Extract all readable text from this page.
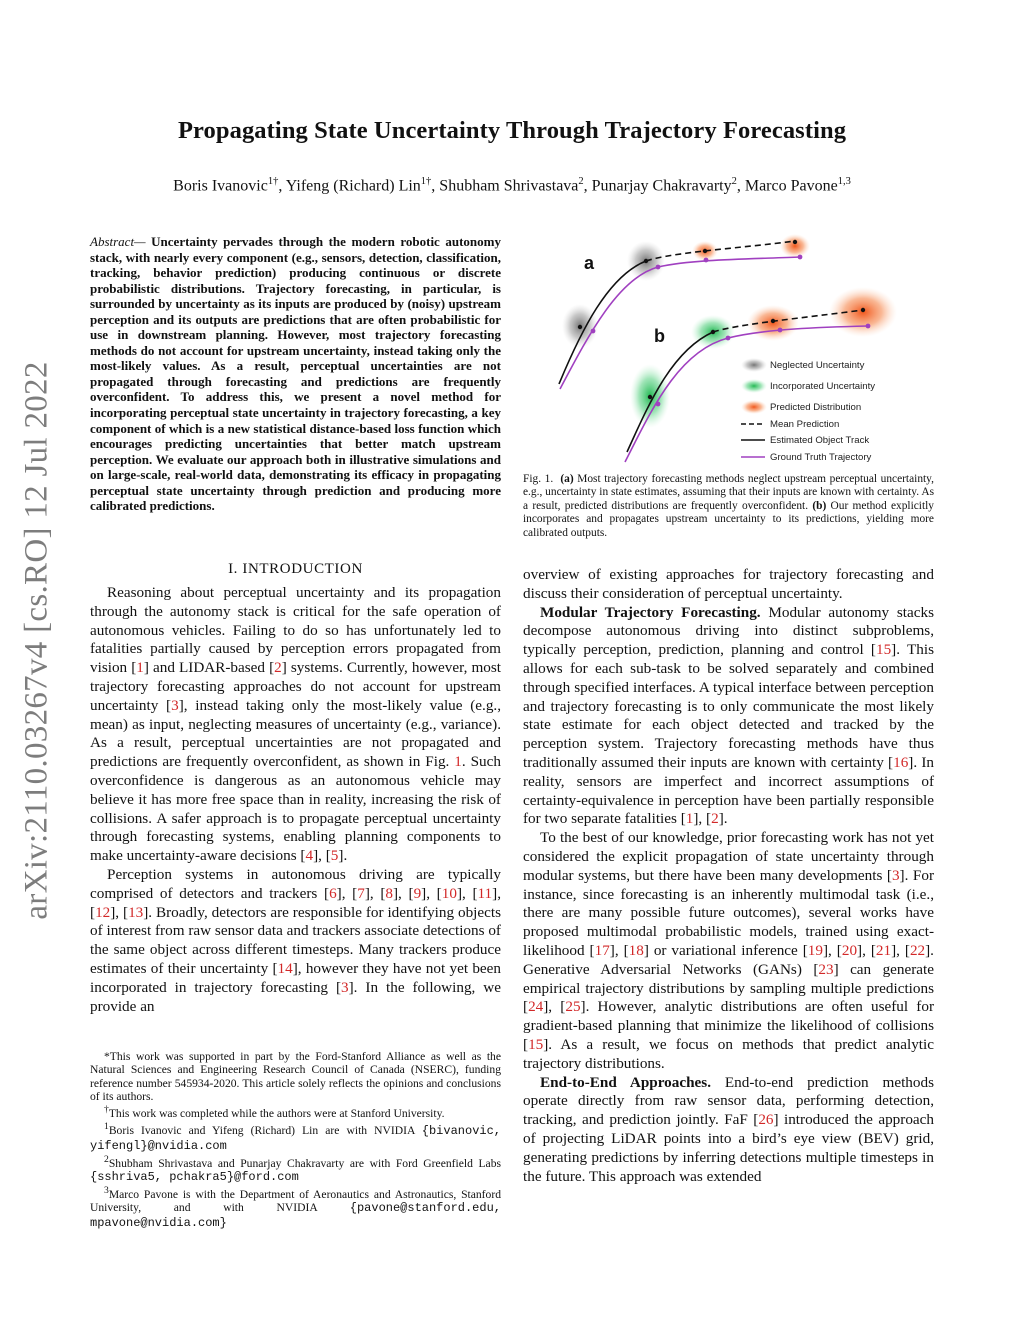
arXiv:2110.03267v4 [cs.RO] 12 Jul 2022
Propagating State Uncertainty Through Trajectory Forecasting
Boris Ivanovic$^{1\dagger}$, Yifeng (Richard) Lin$^{1\dagger}$, Shubham Shrivastava$^2$, Punarjay Chakravarty$^2$, Marco Pavone$^{1,3}$
Abstract— Uncertainty pervades through the modern robotic autonomy stack, with nearly every component (e.g., sensors, detection, classification, tracking, behavior prediction) producing continuous or discrete probabilistic distributions. Trajectory forecasting, in particular, is surrounded by uncertainty as its inputs are produced by (noisy) upstream perception and its outputs are predictions that are often probabilistic for use in downstream planning. However, most trajectory forecasting methods do not account for upstream uncertainty, instead taking only the most-likely values. As a result, perceptual uncertainties are not propagated through forecasting and predictions are frequently overconfident. To address this, we present a novel method for incorporating perceptual state uncertainty in trajectory forecasting, a key component of which is a new statistical distance-based loss function which encourages predicting uncertainties that better match upstream perception. We evaluate our approach both in illustrative simulations and on large-scale, real-world data, demonstrating its efficacy in propagating perceptual state uncertainty through prediction and producing more calibrated predictions.
I. INTRODUCTION

Reasoning about perceptual uncertainty and its propagation through the autonomy stack is critical for the safe operation of autonomous vehicles. Failing to do so has unfortunately led to fatalities partially caused by perception errors propagated from vision [1] and LIDAR-based [2] systems. Currently, however, most trajectory forecasting approaches do not account for upstream uncertainty [3], instead taking only the most-likely value (e.g., mean) as input, neglecting measures of uncertainty (e.g., variance). As a result, perceptual uncertainties are not propagated and predictions are frequently overconfident, as shown in Fig. 1. Such overconfidence is dangerous as an autonomous vehicle may believe it has more free space than in reality, increasing the risk of collisions. A safer approach is to propagate perceptual uncertainty through forecasting systems, enabling planning components to make uncertainty-aware decisions [4], [5].

Perception systems in autonomous driving are typically comprised of detectors and trackers [6], [7], [8], [9], [10], [11], [12], [13]. Broadly, detectors are responsible for identifying objects of interest from raw sensor data and trackers associate detections of the same object across different timesteps. Many trackers produce estimates of their uncertainty [14], however they have not yet been incorporated in trajectory forecasting [3]. In the following, we provide an

*This work was supported in part by the Ford-Stanford Alliance as well as the Natural Sciences and Engineering Research Council of Canada (NSERC), funding reference number 545934-2020. This article solely reflects the opinions and conclusions of its authors.

†This work was completed while the authors were at Stanford University.

$^1$Boris Ivanovic and Yifeng (Richard) Lin are with NVIDIA {bivanovic, yifengl}@nvidia.com

$^2$Shubham Shrivastava and Punarjay Chakravarty are with Ford Greenfield Labs {sshriva5, pchakra5}@ford.com

$^3$Marco Pavone is with the Department of Aeronautics and Astronautics, Stanford University, and with NVIDIA {pavone@stanford.edu, mpavone@nvidia.com}

a
b
Neglected Uncertainty
Incorporated Uncertainty
Predicted Distribution
Mean Prediction
Estimated Object Track
Ground Truth Trajectory
Fig. 1. (a) Most trajectory forecasting methods neglect upstream perceptual uncertainty, e.g., uncertainty in state estimates, assuming that their inputs are known with certainty. As a result, predicted distributions are frequently overconfident. (b) Our method explicitly incorporates and propagates upstream uncertainty to its predictions, yielding more calibrated outputs.

overview of existing approaches for trajectory forecasting and discuss their consideration of perceptual uncertainty.

Modular Trajectory Forecasting. Modular autonomy stacks decompose autonomous driving into distinct subproblems, typically perception, prediction, planning and control [15]. This allows for each sub-task to be solved separately and combined through specified interfaces. A typical interface between perception and trajectory forecasting is to only communicate the most likely state estimate for each object detected and tracked by the perception system. Trajectory forecasting methods have thus traditionally assumed their inputs are known with certainty [16]. In reality, sensors are imperfect and incorrect assumptions of certainty-equivalence in perception have been partially responsible for two separate fatalities [1], [2].

To the best of our knowledge, prior forecasting work has not yet considered the explicit propagation of state uncertainty through modular systems, but there have been many developments [3]. For instance, since forecasting is an inherently multimodal task (i.e., there are many possible future outcomes), several works have proposed multimodal probabilistic models, trained using exact-likelihood [17], [18] or variational inference [19], [20], [21], [22]. Generative Adversarial Networks (GANs) [23] can generate empirical trajectory distributions by sampling multiple predictions [24], [25]. However, analytic distributions are often useful for gradient-based planning that minimize the likelihood of collisions [15]. As a result, we focus on methods that predict analytic trajectory distributions.

End-to-End Approaches. End-to-end prediction methods operate directly from raw sensor data, performing detection, tracking, and prediction jointly. FaF [26] introduced the approach of projecting LiDAR points into a bird’s eye view (BEV) grid, generating predictions by inferring detections multiple timesteps in the future. This approach was extended
